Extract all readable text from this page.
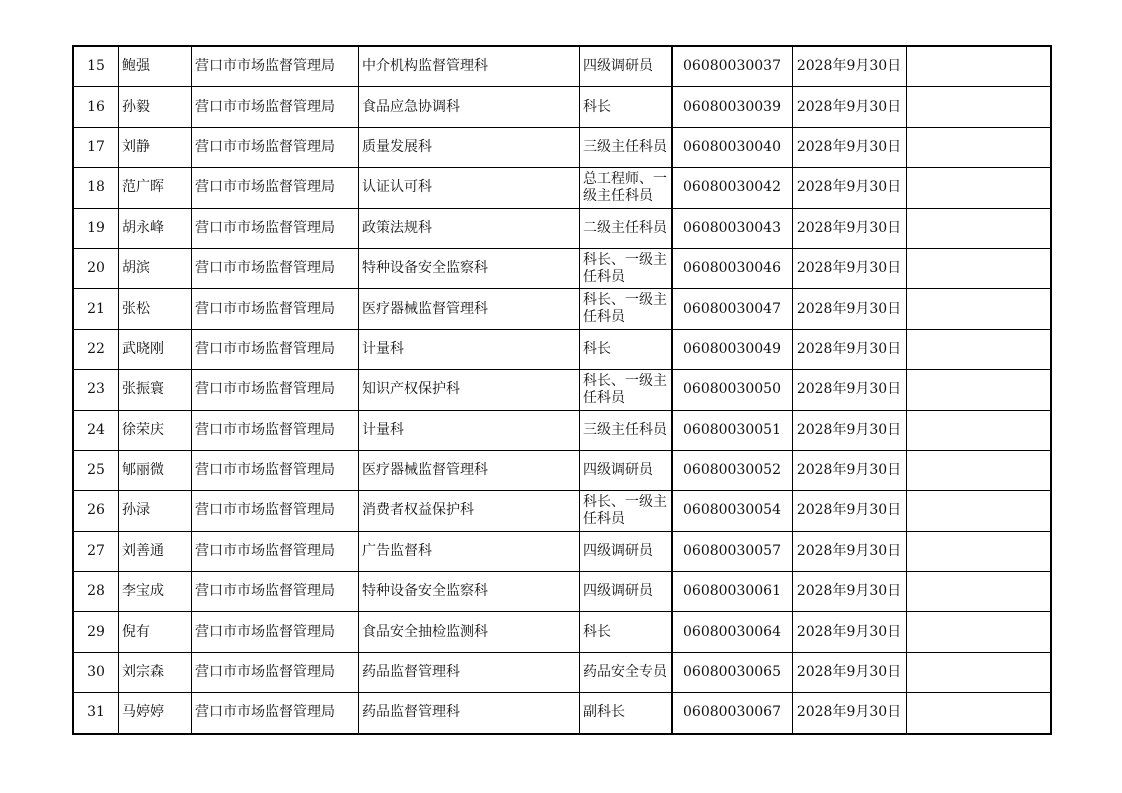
15	鲍强	营口市市场监督管理局	中介机构监督管理科	四级调研员	06080030037	2028年9月30日	
16	孙毅	营口市市场监督管理局	食品应急协调科	科长	06080030039	2028年9月30日	
17	刘静	营口市市场监督管理局	质量发展科	三级主任科员	06080030040	2028年9月30日	
18	范广晖	营口市市场监督管理局	认证认可科	总工程师、一级主任科员	06080030042	2028年9月30日	
19	胡永峰	营口市市场监督管理局	政策法规科	二级主任科员	06080030043	2028年9月30日	
20	胡滨	营口市市场监督管理局	特种设备安全监察科	科长、一级主任科员	06080030046	2028年9月30日	
21	张松	营口市市场监督管理局	医疗器械监督管理科	科长、一级主任科员	06080030047	2028年9月30日	
22	武晓刚	营口市市场监督管理局	计量科	科长	06080030049	2028年9月30日	
23	张振寰	营口市市场监督管理局	知识产权保护科	科长、一级主任科员	06080030050	2028年9月30日	
24	徐荣庆	营口市市场监督管理局	计量科	三级主任科员	06080030051	2028年9月30日	
25	郇丽微	营口市市场监督管理局	医疗器械监督管理科	四级调研员	06080030052	2028年9月30日	
26	孙渌	营口市市场监督管理局	消费者权益保护科	科长、一级主任科员	06080030054	2028年9月30日	
27	刘善通	营口市市场监督管理局	广告监督科	四级调研员	06080030057	2028年9月30日	
28	李宝成	营口市市场监督管理局	特种设备安全监察科	四级调研员	06080030061	2028年9月30日	
29	倪有	营口市市场监督管理局	食品安全抽检监测科	科长	06080030064	2028年9月30日	
30	刘宗森	营口市市场监督管理局	药品监督管理科	药品安全专员	06080030065	2028年9月30日	
31	马婷婷	营口市市场监督管理局	药品监督管理科	副科长	06080030067	2028年9月30日	
